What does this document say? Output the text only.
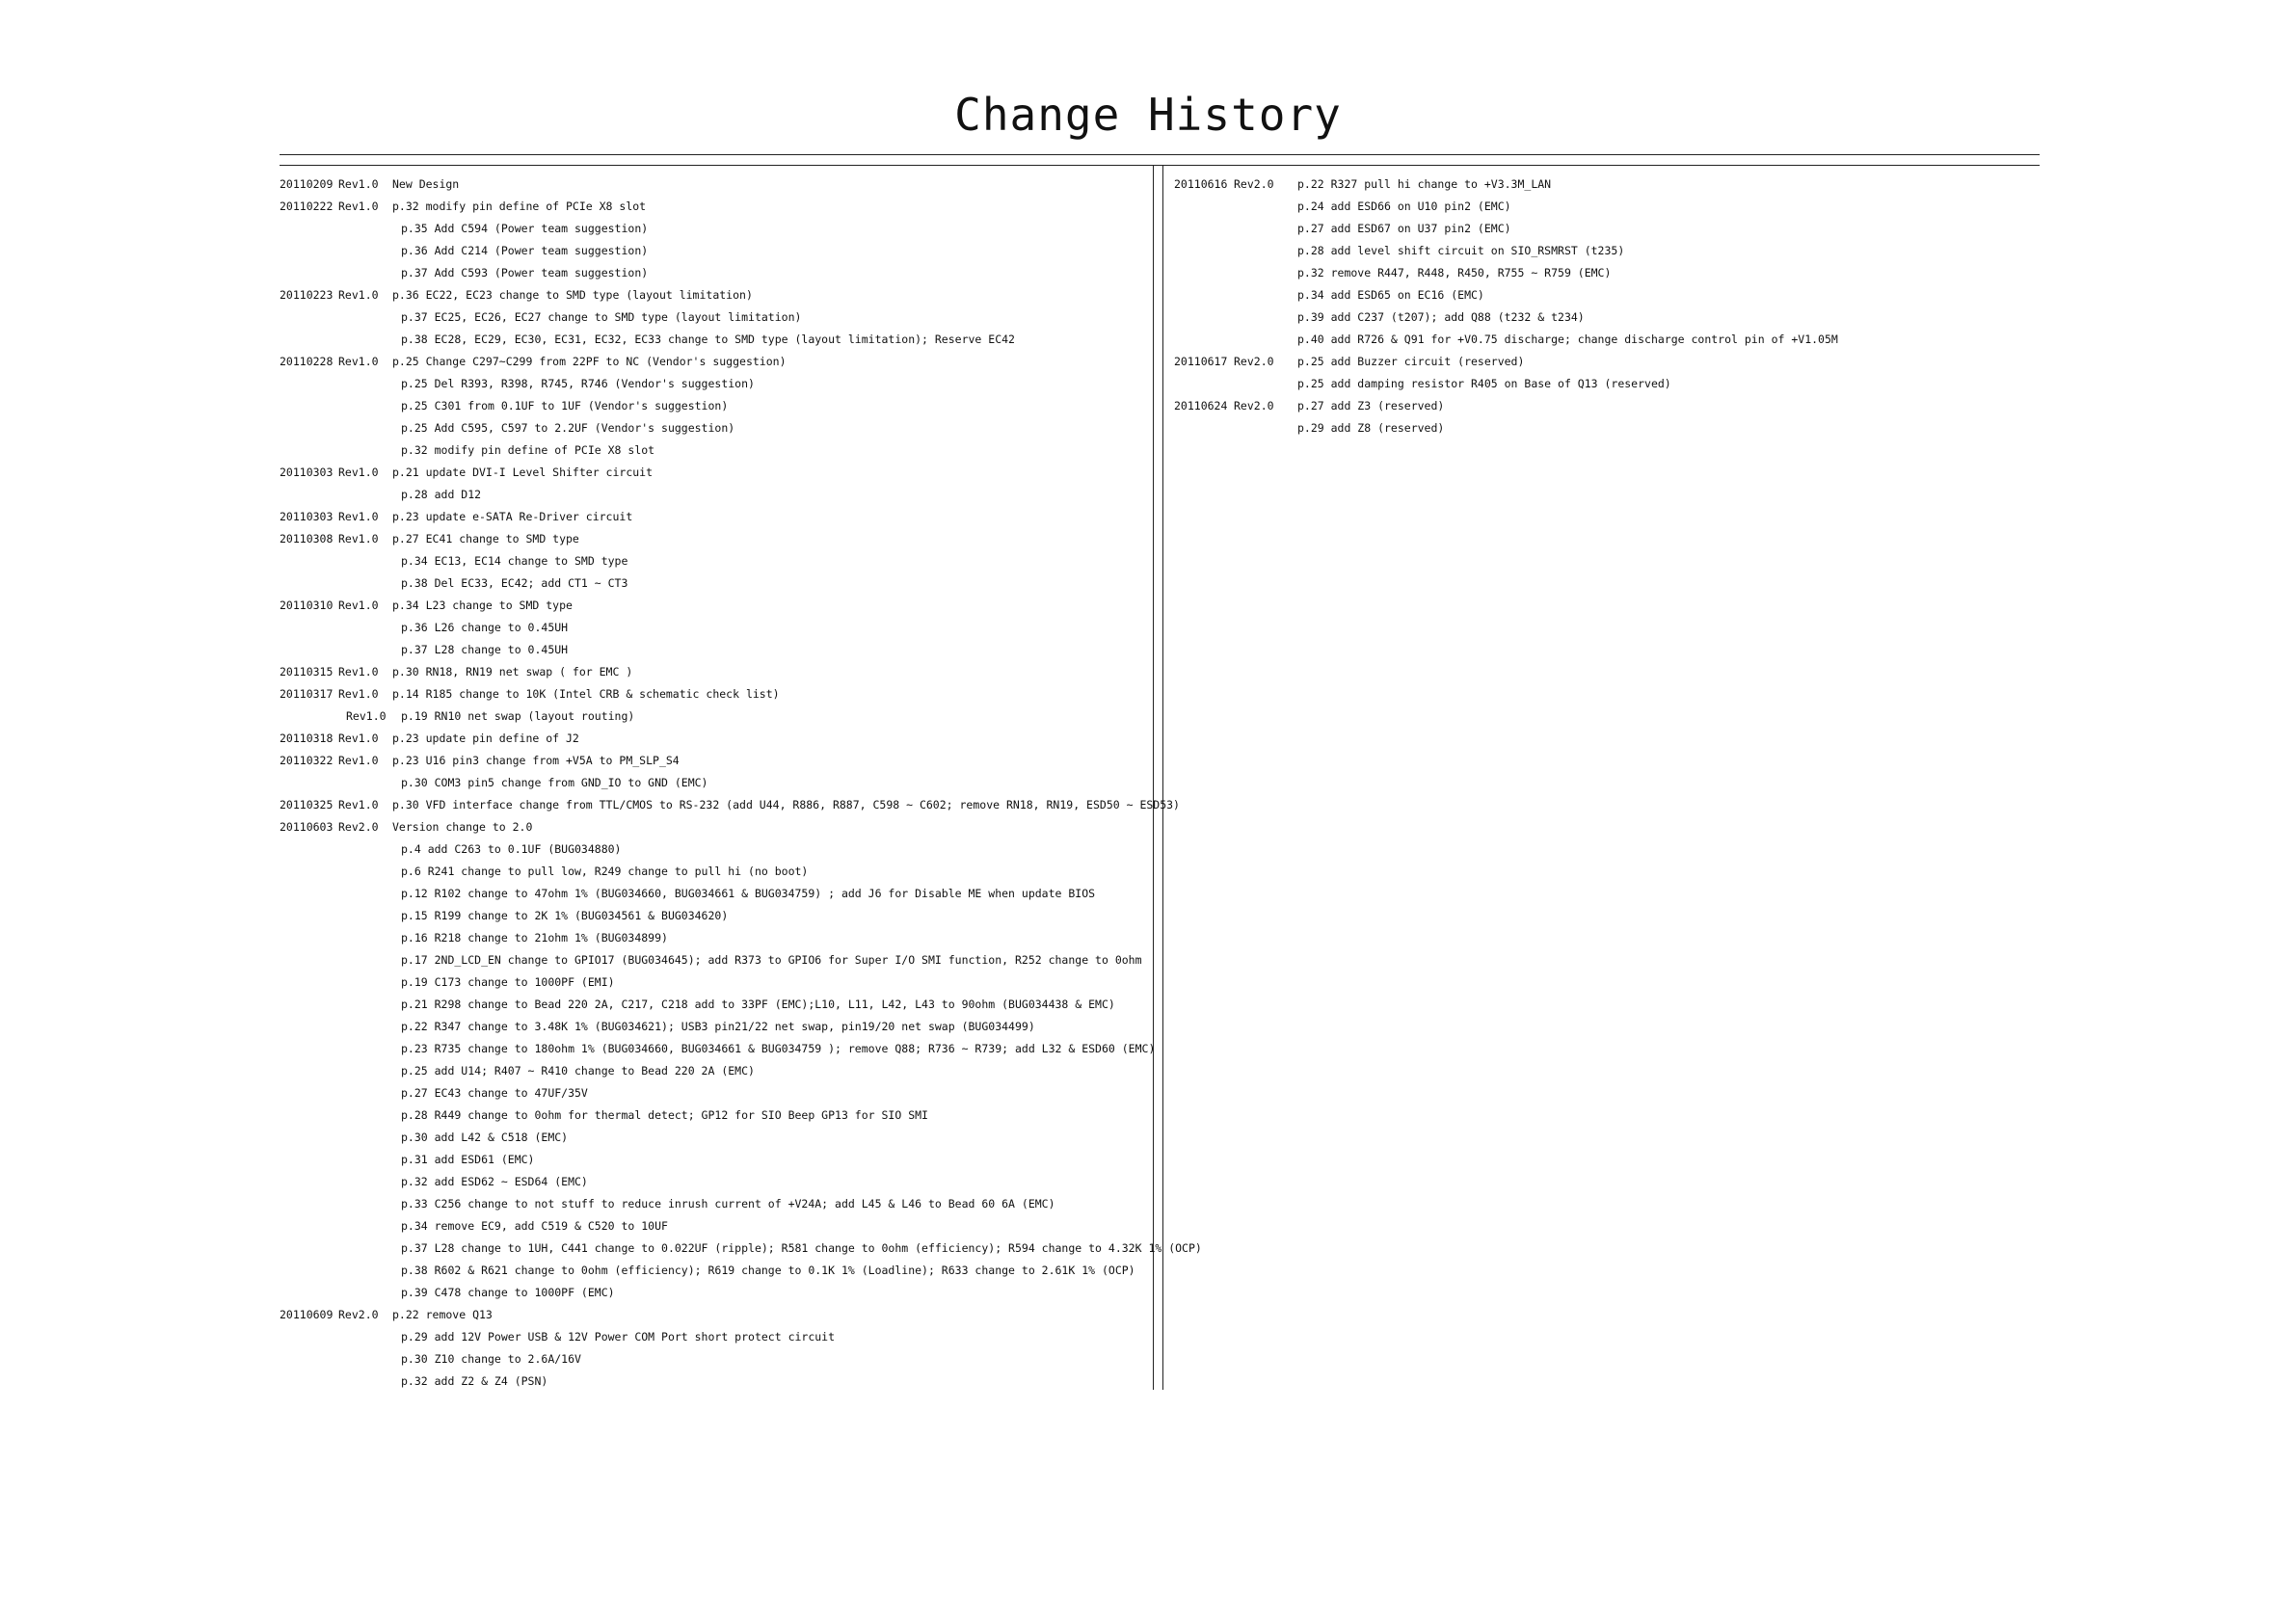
Change History
20110209 Rev1.0 New Design
20110222 Rev1.0 p.32 modify pin define of PCIe X8 slot
p.35 Add C594 (Power team suggestion)
p.36 Add C214 (Power team suggestion)
p.37 Add C593 (Power team suggestion)
20110223 Rev1.0 p.36 EC22, EC23 change to SMD type (layout limitation)
p.37 EC25, EC26, EC27 change to SMD type (layout limitation)
p.38 EC28, EC29, EC30, EC31, EC32, EC33 change to SMD type (layout limitation); Reserve EC42
20110228 Rev1.0 p.25 Change C297~C299 from 22PF to NC (Vendor's suggestion)
p.25 Del R393, R398, R745, R746 (Vendor's suggestion)
p.25 C301 from 0.1UF to 1UF (Vendor's suggestion)
p.25 Add C595, C597 to 2.2UF (Vendor's suggestion)
p.32 modify pin define of PCIe X8 slot
20110303 Rev1.0 p.21 update DVI-I Level Shifter circuit
p.28 add D12
20110303 Rev1.0 p.23 update e-SATA Re-Driver circuit
20110308 Rev1.0 p.27 EC41 change to SMD type
p.34 EC13, EC14 change to SMD type
p.38 Del EC33, EC42; add CT1 ~ CT3
20110310 Rev1.0 p.34 L23 change to SMD type
p.36 L26 change to 0.45UH
p.37 L28 change to 0.45UH
20110315 Rev1.0 p.30 RN18, RN19 net swap ( for EMC )
20110317 Rev1.0 p.14 R185 change to 10K (Intel CRB & schematic check list)
Rev1.0 p.19 RN10 net swap (layout routing)
20110318 Rev1.0 p.23 update pin define of J2
20110322 Rev1.0 p.23 U16 pin3 change from +V5A to PM_SLP_S4
p.30 COM3 pin5 change from GND_IO to GND (EMC)
20110325 Rev1.0 p.30 VFD interface change from TTL/CMOS to RS-232 (add U44, R886, R887, C598 ~ C602; remove RN18, RN19, ESD50 ~ ESD53)
20110603 Rev2.0 Version change to 2.0
p.4 add C263 to 0.1UF (BUG034880)
p.6 R241 change to pull low, R249 change to pull hi (no boot)
p.12 R102 change to 47ohm 1% (BUG034660, BUG034661 & BUG034759) ; add J6 for Disable ME when update BIOS
p.15 R199 change to 2K 1% (BUG034561 & BUG034620)
p.16 R218 change to 21ohm 1% (BUG034899)
p.17 2ND_LCD_EN change to GPIO17 (BUG034645); add R373 to GPIO6 for Super I/O SMI function, R252 change to 0ohm
p.19 C173 change to 1000PF (EMI)
p.21 R298 change to Bead 220 2A, C217, C218 add to 33PF (EMC);L10, L11, L42, L43 to 90ohm (BUG034438 & EMC)
p.22 R347 change to 3.48K 1% (BUG034621); USB3 pin21/22 net swap, pin19/20 net swap (BUG034499)
p.23 R735 change to 180ohm 1% (BUG034660, BUG034661 & BUG034759 ); remove Q88; R736 ~ R739; add L32 & ESD60 (EMC)
p.25 add U14; R407 ~ R410 change to Bead 220 2A (EMC)
p.27 EC43 change to 47UF/35V
p.28 R449 change to 0ohm for thermal detect; GP12 for SIO Beep GP13 for SIO SMI
p.30 add L42 & C518 (EMC)
p.31 add ESD61 (EMC)
p.32 add ESD62 ~ ESD64 (EMC)
p.33 C256 change to not stuff to reduce inrush current of +V24A; add L45 & L46 to Bead 60 6A (EMC)
p.34 remove EC9, add C519 & C520 to 10UF
p.37 L28 change to 1UH, C441 change to 0.022UF (ripple); R581 change to 0ohm (efficiency); R594 change to 4.32K 1% (OCP)
p.38 R602 & R621 change to 0ohm (efficiency); R619 change to 0.1K 1% (Loadline); R633 change to 2.61K 1% (OCP)
p.39 C478 change to 1000PF (EMC)
20110609 Rev2.0 p.22 remove Q13
p.29 add 12V Power USB & 12V Power COM Port short protect circuit
p.30 Z10 change to 2.6A/16V
p.32 add Z2 & Z4 (PSN)
20110616 Rev2.0 p.22 R327 pull hi change to +V3.3M_LAN
p.24 add ESD66 on U10 pin2 (EMC)
p.27 add ESD67 on U37 pin2 (EMC)
p.28 add level shift circuit on SIO_RSMRST (t235)
p.32 remove R447, R448, R450, R755 ~ R759 (EMC)
p.34 add ESD65 on EC16 (EMC)
p.39 add C237 (t207); add Q88 (t232 & t234)
p.40 add R726 & Q91 for +V0.75 discharge; change discharge control pin of +V1.05M
20110617 Rev2.0 p.25 add Buzzer circuit (reserved)
p.25 add damping resistor R405 on Base of Q13 (reserved)
20110624 Rev2.0 p.27 add Z3 (reserved)
p.29 add Z8 (reserved)
